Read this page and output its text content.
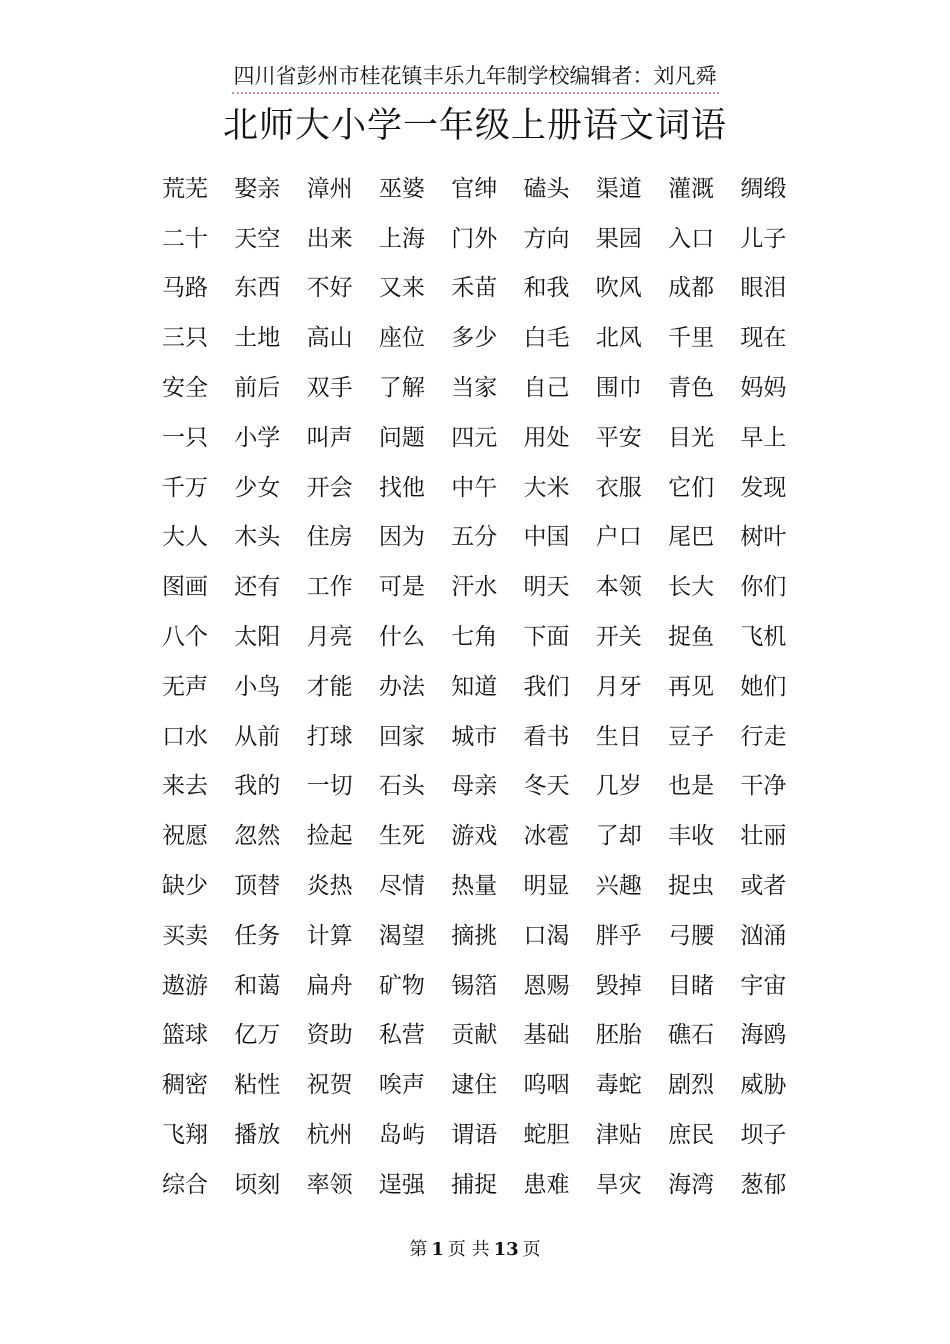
四川省彭州市桂花镇丰乐九年制学校编辑者：刘凡舜
北师大小学一年级上册语文词语
荒芜	娶亲	漳州	巫婆	官绅	磕头	渠道	灌溉	绸缎
二十	天空	出来	上海	门外	方向	果园	入口	儿子
马路	东西	不好	又来	禾苗	和我	吹风	成都	眼泪
三只	土地	高山	座位	多少	白毛	北风	千里	现在
安全	前后	双手	了解	当家	自己	围巾	青色	妈妈
一只	小学	叫声	问题	四元	用处	平安	目光	早上
千万	少女	开会	找他	中午	大米	衣服	它们	发现
大人	木头	住房	因为	五分	中国	户口	尾巴	树叶
图画	还有	工作	可是	汗水	明天	本领	长大	你们
八个	太阳	月亮	什么	七角	下面	开关	捉鱼	飞机
无声	小鸟	才能	办法	知道	我们	月牙	再见	她们
口水	从前	打球	回家	城市	看书	生日	豆子	行走
来去	我的	一切	石头	母亲	冬天	几岁	也是	干净
祝愿	忽然	捡起	生死	游戏	冰雹	了却	丰收	壮丽
缺少	顶替	炎热	尽情	热量	明显	兴趣	捉虫	或者
买卖	任务	计算	渴望	摘挑	口渴	胖乎	弓腰	汹涌
遨游	和蔼	扁舟	矿物	锡箔	恩赐	毁掉	目睹	宇宙
篮球	亿万	资助	私营	贡献	基础	胚胎	礁石	海鸥
稠密	粘性	祝贺	唉声	逮住	呜咽	毒蛇	剧烈	威胁
飞翔	播放	杭州	岛屿	谓语	蛇胆	津贴	庶民	坝子
综合	顷刻	率领	逞强	捕捉	患难	旱灾	海湾	葱郁
第 1 页 共 13 页
